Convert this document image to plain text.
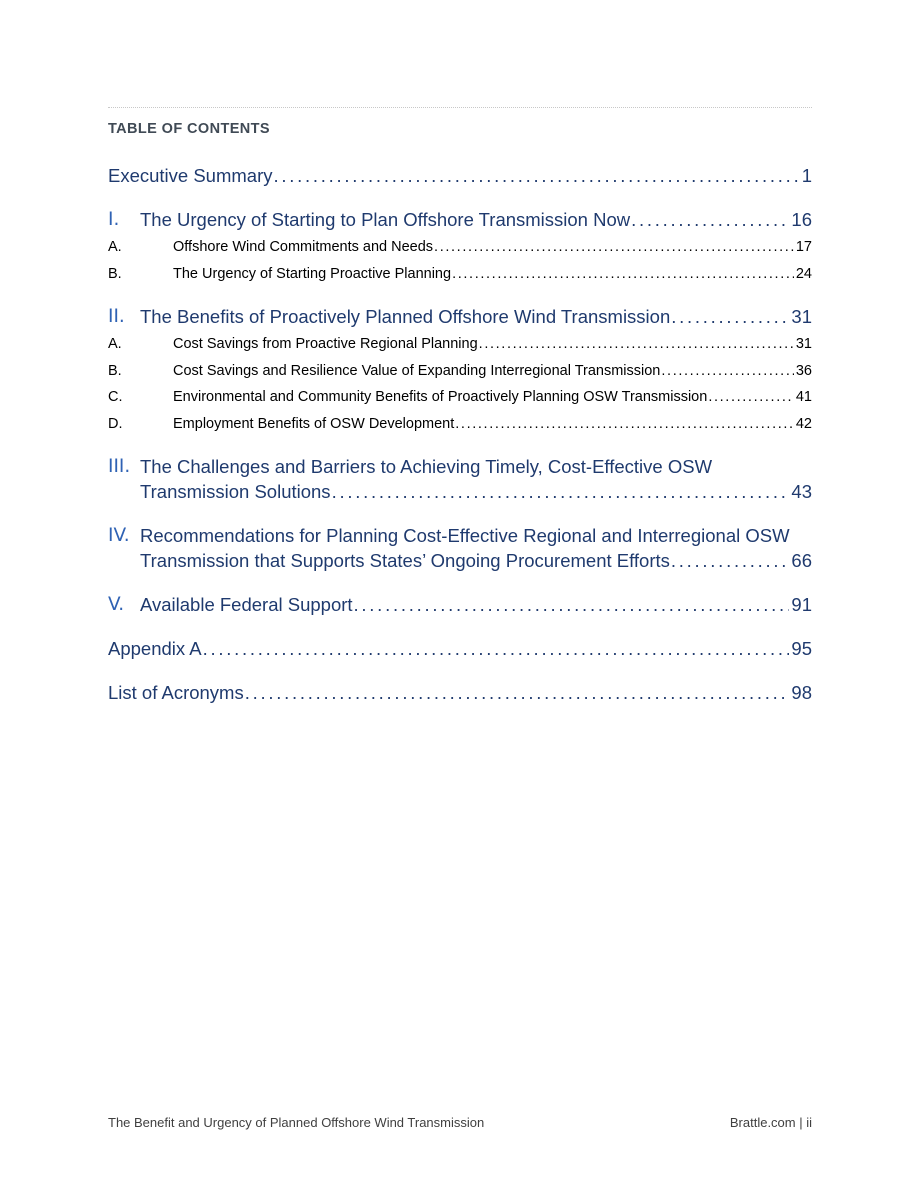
TABLE OF CONTENTS
Executive Summary . . .	1
I. The Urgency of Starting to Plan Offshore Transmission Now . . .	16
A.	Offshore Wind Commitments and Needs . . .	17
B.	The Urgency of Starting Proactive Planning . . .	24
II. The Benefits of Proactively Planned Offshore Wind Transmission . . .	31
A.	Cost Savings from Proactive Regional Planning . . .	31
B.	Cost Savings and Resilience Value of Expanding Interregional Transmission . . .	36
C.	Environmental and Community Benefits of Proactively Planning OSW Transmission . . .	41
D.	Employment Benefits of OSW Development . . .	42
III. The Challenges and Barriers to Achieving Timely, Cost-Effective OSW
Transmission Solutions . . .	43
IV. Recommendations for Planning Cost-Effective Regional and Interregional OSW
Transmission that Supports States’ Ongoing Procurement Efforts . . .	66
V. Available Federal Support . . .	91
Appendix A . . .	95
List of Acronyms . . .	98
The Benefit and Urgency of Planned Offshore Wind Transmission	Brattle.com | ii
